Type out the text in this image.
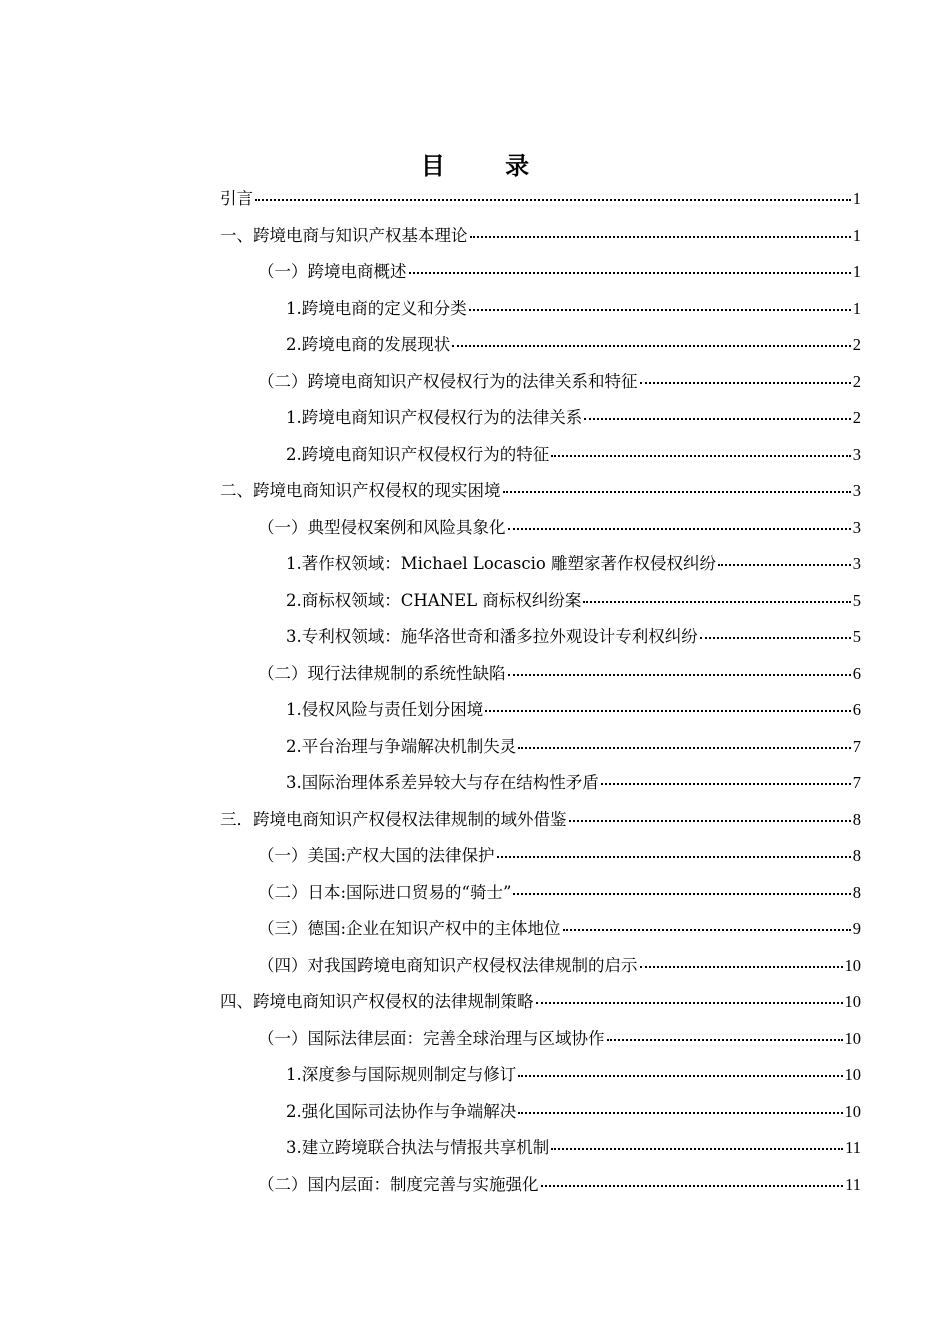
目 录
引言	1
一、跨境电商与知识产权基本理论	1
（一）跨境电商概述	1
1.跨境电商的定义和分类	1
2.跨境电商的发展现状	2
（二）跨境电商知识产权侵权行为的法律关系和特征	2
1.跨境电商知识产权侵权行为的法律关系	2
2.跨境电商知识产权侵权行为的特征	3
二、跨境电商知识产权侵权的现实困境	3
（一）典型侵权案例和风险具象化	3
1.著作权领域：Michael Locascio 雕塑家著作权侵权纠纷	3
2.商标权领域：CHANEL 商标权纠纷案	5
3.专利权领域：施华洛世奇和潘多拉外观设计专利权纠纷	5
（二）现行法律规制的系统性缺陷	6
1.侵权风险与责任划分困境	6
2.平台治理与争端解决机制失灵	7
3.国际治理体系差异较大与存在结构性矛盾	7
三．跨境电商知识产权侵权法律规制的域外借鉴	8
（一）美国:产权大国的法律保护	8
（二）日本:国际进口贸易的“骑士”	8
（三）德国:企业在知识产权中的主体地位	9
（四）对我国跨境电商知识产权侵权法律规制的启示	10
四、跨境电商知识产权侵权的法律规制策略	10
（一）国际法律层面：完善全球治理与区域协作	10
1.深度参与国际规则制定与修订	10
2.强化国际司法协作与争端解决	10
3.建立跨境联合执法与情报共享机制	11
（二）国内层面：制度完善与实施强化	11
